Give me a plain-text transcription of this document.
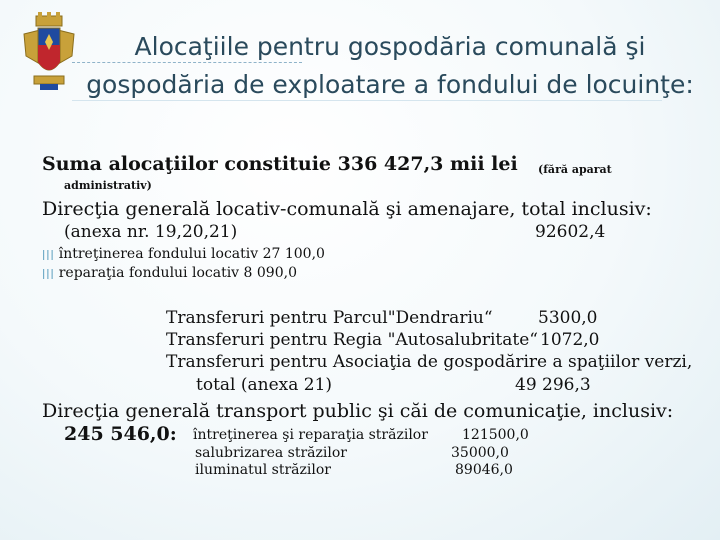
Alocaţiile pentru gospodăria comunală şi
gospodăria de exploatare a fondului de locuinţe:
Suma alocaţiilor constituie 336 427,3 mii lei (fără aparat
administrativ)
Direcţia generală locativ-comunală şi amenajare, total inclusiv:
(anexa nr. 19,20,21)	92602,4
ǀǀǀ întreţinerea fondului locativ 27 100,0
ǀǀǀ reparaţia fondului locativ 8 090,0
Transferuri pentru Parcul"Dendrariu“	5300,0
Transferuri pentru Regia "Autosalubritate“ 1072,0
Transferuri pentru Asociaţia de gospodărire a spaţiilor verzi,
total (anexa 21)	49 296,3
Direcţia generală transport public şi căi de comunicaţie, inclusiv:
245 546,0: întreţinerea şi reparaţia străzilor 121500,0
salubrizarea străzilor	35000,0
iluminatul străzilor	89046,0
